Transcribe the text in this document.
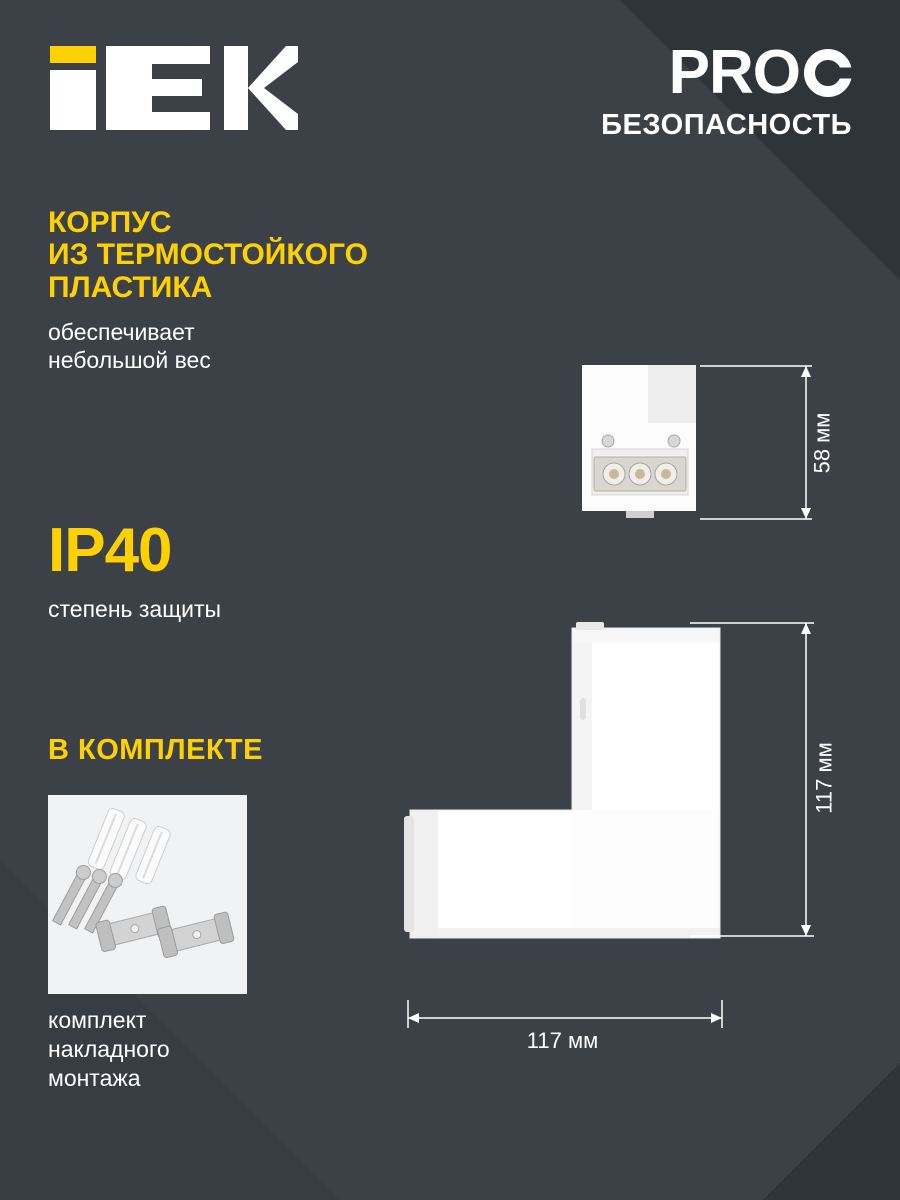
PRO
БЕЗОПАСНОСТЬ
КОРПУС
ИЗ ТЕРМОСТОЙКОГО
ПЛАСТИКА
обеспечивает
небольшой вес
IP40
степень защиты
В КОМПЛЕКТЕ
комплект
накладного
монтажа
58 мм
117 мм
117 мм
